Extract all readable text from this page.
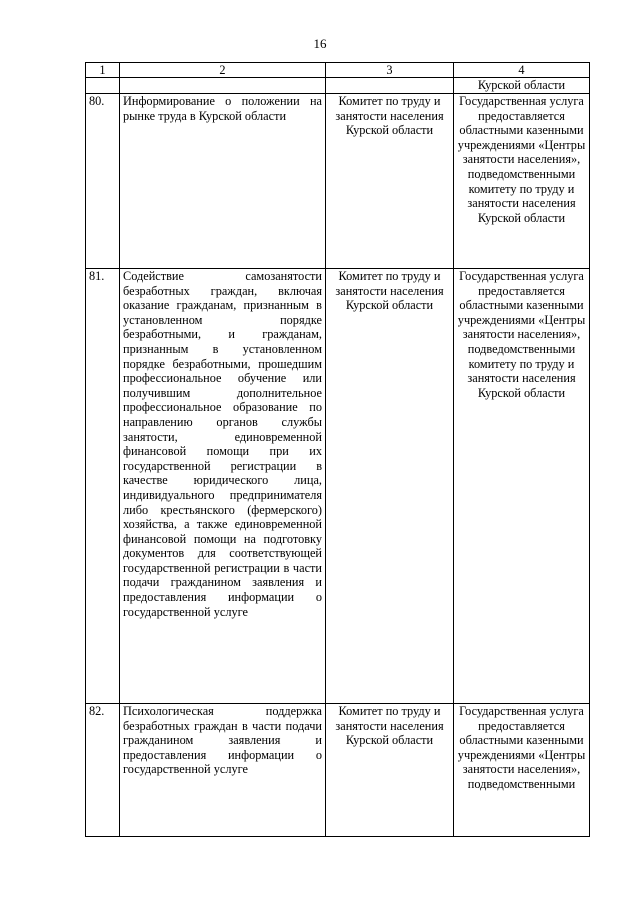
16
1	2	3	4
			Курской области
80.	Информирование о положении на рынке труда в Курской области	Комитет по труду и занятости населения Курской области	Государственная услуга предоставляется областными казенными учреждениями «Центры занятости населения», подведомственными комитету по труду и занятости населения Курской области
81.	Содействие самозанятости безработных граждан, включая оказание гражданам, признанным в установленном порядке безработными, и гражданам, признанным в установленном порядке безработными, прошедшим профессиональное обучение или получившим дополнительное профессиональное образование по направлению органов службы занятости, единовременной финансовой помощи при их государственной регистрации в качестве юридического лица, индивидуального предпринимателя либо крестьянского (фермерского) хозяйства, а также единовременной финансовой помощи на подготовку документов для соответствующей государственной регистрации в части подачи гражданином заявления и предоставления информации о государственной услуге	Комитет по труду и занятости населения Курской области	Государственная услуга предоставляется областными казенными учреждениями «Центры занятости населения», подведомственными комитету по труду и занятости населения Курской области
82.	Психологическая поддержка безработных граждан в части подачи гражданином заявления и предоставления информации о государственной услуге	Комитет по труду и занятости населения Курской области	Государственная услуга предоставляется областными казенными учреждениями «Центры занятости населения», подведомственными
